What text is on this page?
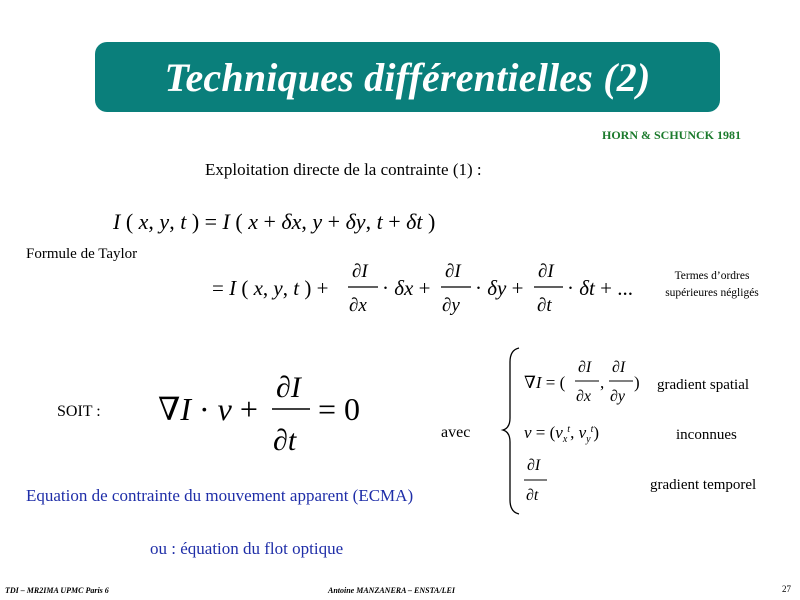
Techniques différentielles (2)
HORN & SCHUNCK 1981
Exploitation directe de la contrainte (1) :
Formule de Taylor
Termes d’ordres
supérieures négligés
SOIT :
avec
gradient spatial
inconnues
gradient temporel
Equation de contrainte du mouvement apparent (ECMA)
ou : équation du flot optique
TDI – MR2IMA UPMC Paris 6	Antoine MANZANERA – ENSTA/LEI	27
I ( x, y, t ) = I ( x + δx, y + δy, t + δt )
= I ( x, y, t ) +
∂I
∂x
· δx +
∂I
∂y
· δy +
∂I
∂t
· δt + ...
∇I · v +
∂I
∂t
= 0
∇I = (
∂I
∂x
,
∂I
∂y
)
$v = (v_x^t$, $v_y^t$)
∂I
∂t
